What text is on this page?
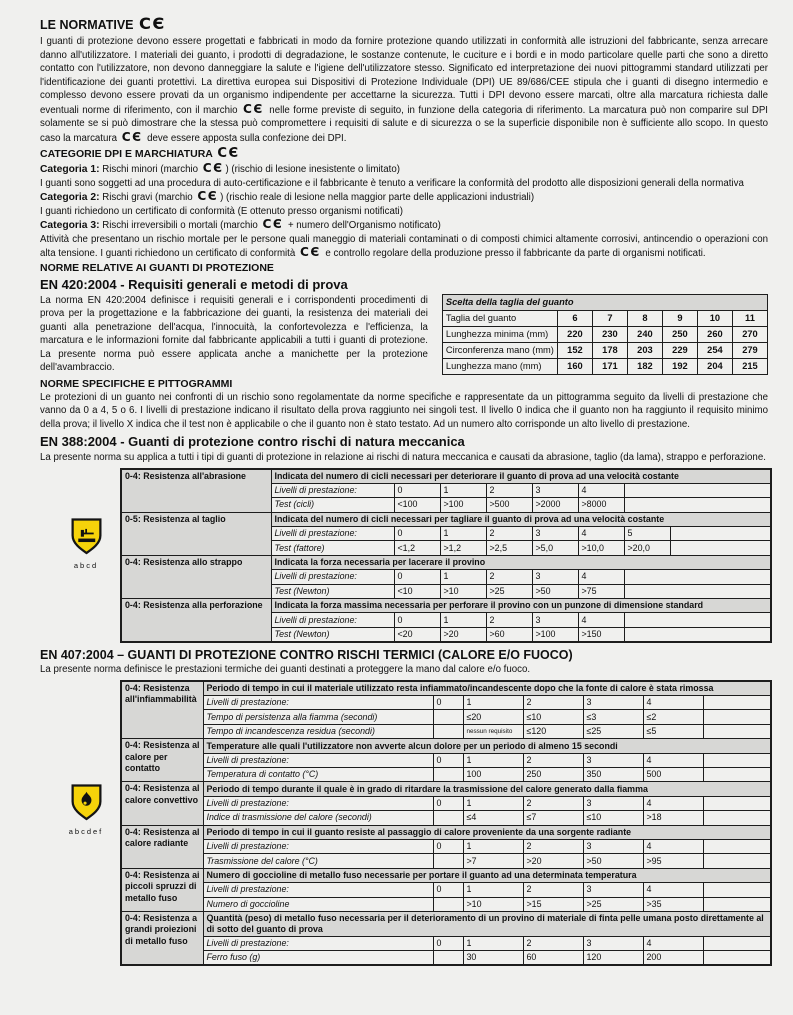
LE NORMATIVE CЄ
I guanti di protezione devono essere progettati e fabbricati in modo da fornire protezione quando utilizzati in conformità alle istruzioni del fabbricante, senza arrecare danno all'utilizzatore. I materiali dei guanto, i prodotti di degradazione, le sostanze contenute, le cuciture e i bordi e in modo particolare quelle parti che sono a diretto contatto con l'utilizzatore, non devono danneggiare la salute e l'igiene dell'utilizzatore stesso. Significato ed interpretazione dei nuovi pittogrammi standard utilizzati per l'identificazione dei guanti protettivi. La direttiva europea sui Dispositivi di Protezione Individuale (DPI) UE 89/686/CEE stipula che i guanti di disegno intermedio e complesso devono essere provati da un organismo indipendente per accettarne la sicurezza. Tutti i DPI devono essere marcati, oltre alla marcatura richiesta dalle eventuali norme di riferimento, con il marchio CЄ nelle forme previste di seguito, in funzione della categoria di riferimento. La marcatura può non comparire sul DPI solamente se si può dimostrare che la stessa può compromettere i requisiti di salute e di sicurezza o se la superficie disponibile non è sufficiente allo scopo. In questo caso la marcatura CЄ deve essere apposta sulla confezione dei DPI.
CATEGORIE DPI E MARCHIATURA CЄ
Categoria 1: Rischi minori (marchio CЄ ) (rischio di lesione inesistente o limitato)
I guanti sono soggetti ad una procedura di auto-certificazione e il fabbricante è tenuto a verificare la conformità del prodotto alle disposizioni generali della normativa
Categoria 2: Rischi gravi (marchio CЄ ) (rischio reale di lesione nella maggior parte delle applicazioni industriali)
I guanti richiedono un certificato di conformità (E ottenuto presso organismi notificati)
Categoria 3: Rischi irreversibili o mortali (marchio CЄ + numero dell'Organismo notificato)
Attività che presentano un rischio mortale per le persone quali maneggio di materiali contaminati o di composti chimici altamente corrosivi, antincendio o operazioni con alta tensione. I guanti richiedono un certificato di conformità CЄ e controllo regolare della produzione presso il fabbricante da parte di organismi notificati.
NORME RELATIVE AI GUANTI DI PROTEZIONE
EN 420:2004 - Requisiti generali e metodi di prova
La norma EN 420:2004 definisce i requisiti generali e i corrispondenti procedimenti di prova per la progettazione e la fabbricazione dei guanti, la resistenza dei materiali dei guanti alla penetrazione dell'acqua, l'innocuità, la confortevolezza e l'efficienza, la marcatura e le informazioni fornite dal fabbricante applicabili a tutti i guanti di protezione. La presente norma può essere applicata anche a manichette per la protezione dell'avambraccio.
Scelta della taglia del guanto						
Taglia del guanto	6	7	8	9	10	11
Lunghezza minima (mm)	220	230	240	250	260	270
Circonferenza mano (mm)	152	178	203	229	254	279
Lunghezza mano (mm)	160	171	182	192	204	215
NORME SPECIFICHE E PITTOGRAMMI
Le protezioni di un guanto nei confronti di un rischio sono regolamentate da norme specifiche e rappresentate da un pittogramma seguito da livelli di prestazione che vanno da 0 a 4, 5 o 6. I livelli di prestazione indicano il risultato della prova raggiunto nei singoli test. Il livello 0 indica che il guanto non ha raggiunto il requisito minimo della prova; il livello X indica che il test non è applicabile o che il guanto non è stato testato. Ad un numero alto corrisponde un alto livello di prestazione.
EN 388:2004 - Guanti di protezione contro rischi di natura meccanica
La presente norma su applica a tutti i tipi di guanti di protezione in relazione ai rischi di natura meccanica e causati da abrasione, taglio (da lama), strappo e perforazione.
abcd
0-4: Resistenza all'abrasione	Indicata del numero di cicli necessari per deteriorare il guanto di prova ad una velocità costante							
	Livelli di prestazione:	0	1	2	3	4		
	Test (cicli)	<100	>100	>500	>2000	>8000		
0-5: Resistenza al taglio	Indicata del numero di cicli necessari per tagliare il guanto di prova ad una velocità costante							
	Livelli di prestazione:	0	1	2	3	4	5	
	Test (fattore)	<1,2	>1,2	>2,5	>5,0	>10,0	>20,0	
0-4: Resistenza allo strappo	Indicata la forza necessaria per lacerare il provino							
	Livelli di prestazione:	0	1	2	3	4		
	Test (Newton)	<10	>10	>25	>50	>75		
0-4: Resistenza alla perforazione	Indicata la forza massima necessaria per perforare il provino con un punzone di dimensione standard							
	Livelli di prestazione:	0	1	2	3	4		
	Test (Newton)	<20	>20	>60	>100	>150		
EN 407:2004 – GUANTI DI PROTEZIONE CONTRO RISCHI TERMICI (CALORE E/O FUOCO)
La presente norma definisce le prestazioni termiche dei guanti destinati a proteggere la mano dal calore e/o fuoco.
abcdef
0-4: Resistenza all'infiammabilità	Periodo di tempo in cui il materiale utilizzato resta infiammato/incandescente dopo che la fonte di calore è stata rimossa						
	Livelli di prestazione:	0	1	2	3	4	
	Tempo di persistenza alla fiamma (secondi)		≤20	≤10	≤3	≤2	
	Tempo di incandescenza residua (secondi)		nessun requisito	≤120	≤25	≤5	
0-4: Resistenza al calore per contatto	Temperature alle quali l'utilizzatore non avverte alcun dolore per un periodo di almeno 15 secondi						
	Livelli di prestazione:	0	1	2	3	4	
	Temperatura di contatto (°C)		100	250	350	500	
0-4: Resistenza al calore convettivo	Periodo di tempo durante il quale è in grado di ritardare la trasmissione del calore generato dalla fiamma						
	Livelli di prestazione:	0	1	2	3	4	
	Indice di trasmissione del calore (secondi)		≤4	≤7	≤10	>18	
0-4: Resistenza al calore radiante	Periodo di tempo in cui il guanto resiste al passaggio di calore proveniente da una sorgente radiante						
	Livelli di prestazione:	0	1	2	3	4	
	Trasmissione del calore (°C)		>7	>20	>50	>95	
0-4: Resistenza ai piccoli spruzzi di metallo fuso	Numero di goccioline di metallo fuso necessarie per portare il guanto ad una determinata temperatura						
	Livelli di prestazione:	0	1	2	3	4	
	Numero di goccioline		>10	>15	>25	>35	
0-4: Resistenza a grandi proiezioni di metallo fuso	Quantità (peso) di metallo fuso necessaria per il deterioramento di un provino di materiale di finta pelle umana posto direttamente al di sotto del guanto di prova						
	Livelli di prestazione:	0	1	2	3	4	
	Ferro fuso (g)		30	60	120	200	
